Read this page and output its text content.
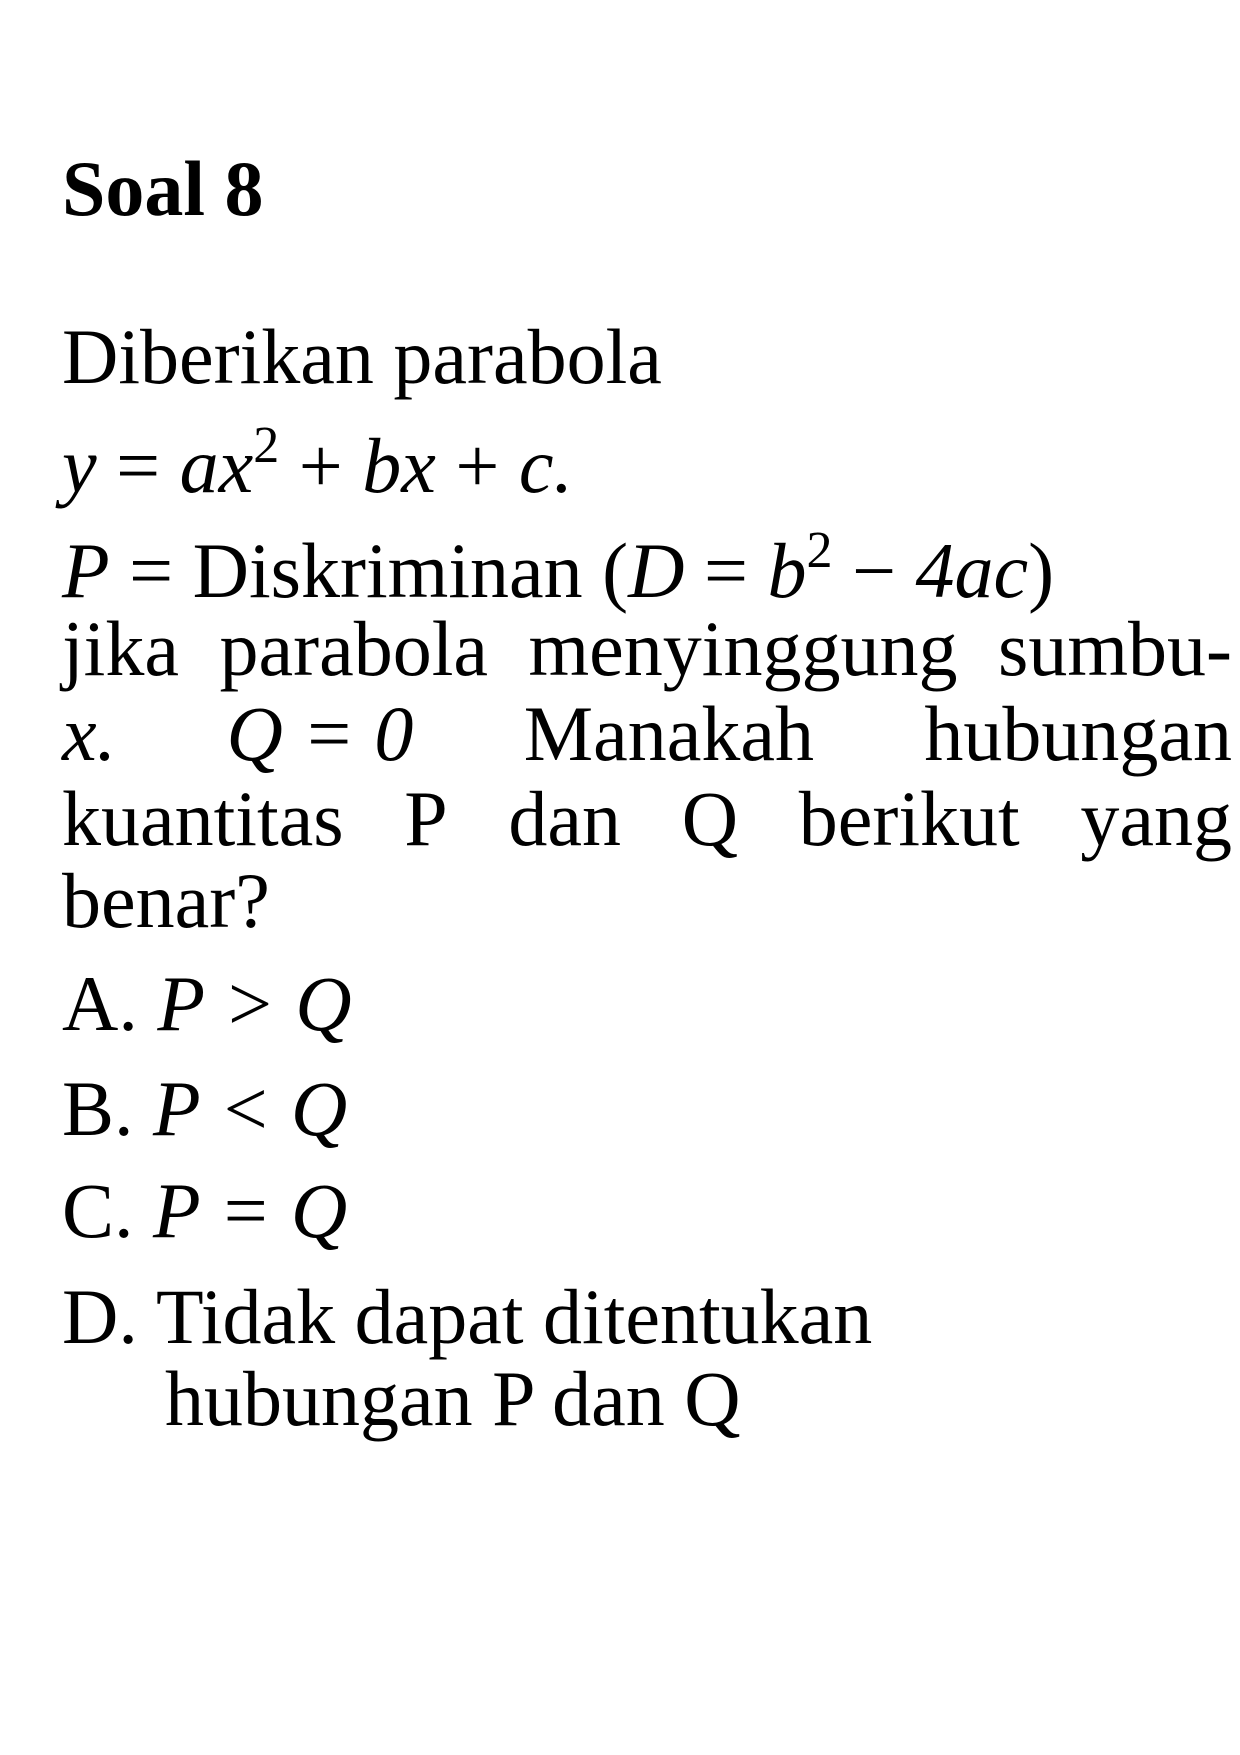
Soal 8
Diberikan parabola
$y = ax^2$ + bx + c.
P = Diskriminan $(D = b^2 - 4ac)$
jika parabola menyinggung sumbu-
x. Q = 0 Manakah hubungan
kuantitas P dan Q berikut yang
benar?
A. P > Q
B. P < Q
C. P = Q
D. Tidak dapat ditentukan
hubungan P dan Q
